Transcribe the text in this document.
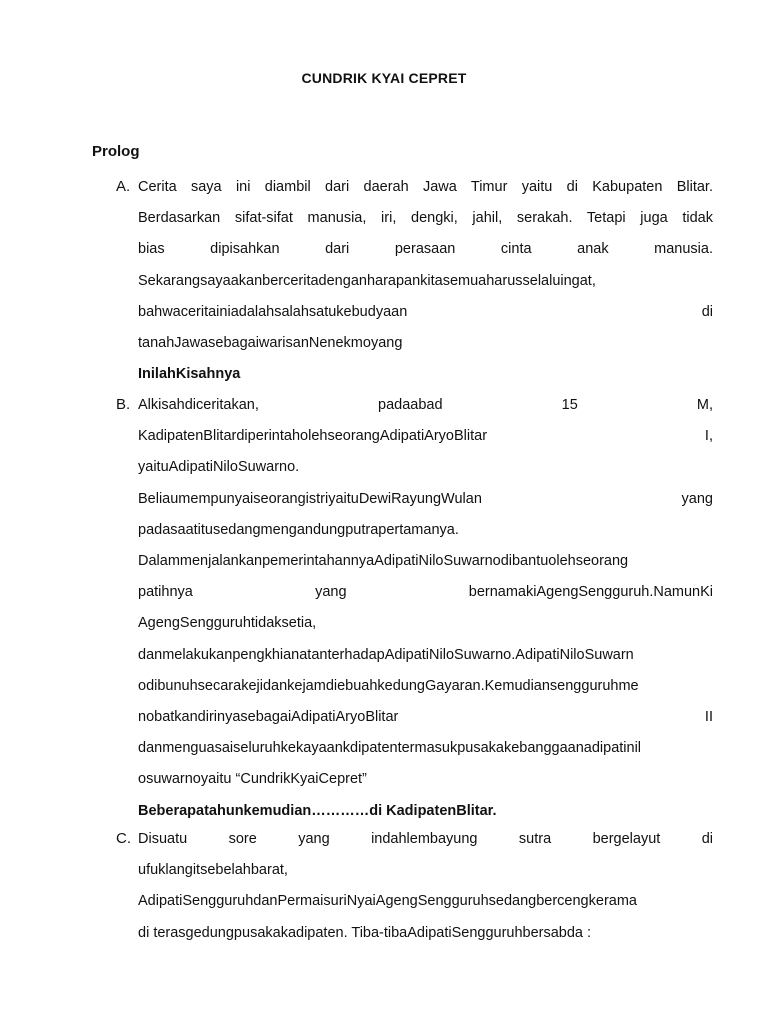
CUNDRIK KYAI CEPRET
Prolog
A. Cerita saya ini diambil dari daerah Jawa Timur yaitu di Kabupaten Blitar.
Berdasarkan sifat-sifat manusia, iri, dengki, jahil, serakah. Tetapi juga tidak
bias dipisahkan dari perasaan cinta anak manusia.
Sekarangsayaakanberceritadenganharapankitasemuaharusselaluingat,
bahwaceritainiadalahsalahsatukebudyaan di
tanahJawasebagaiwarisanNenekmoyang
InilahKisahnya
B. Alkisahdiceritakan, padaabad 15 M,
KadipatenBlitardiperintaholehseorangAdipatiAryoBlitar I,
yaituAdipatiNiloSuwarno.
BeliaumempunyaiseorangistriyaituDewiRayungWulan yang
padasaatitusedangmengandungputrapertamanya.
DalammenjalankanpemerintahannyaAdipatiNiloSuwarnodibantuolehseorang
patihnya yang bernamakiAgengSengguruh.NamunKi
AgengSengguruhtidaksetia,
danmelakukanpengkhianatanterhadapAdipatiNiloSuwarno.AdipatiNiloSuwarn
odibunuhsecarakejidankejamdiebuahkedungGayaran.Kemudiansengguruhme
nobatkandirinyasebagaiAdipatiAryoBlitar II
danmenguasaiseluruhkekayaankdipatentermasukpusakakebanggaanadipatinil
osuwarnoyaitu “CundrikKyaiCepret”
Beberapatahunkemudian…………di KadipatenBlitar.
C. Disuatu sore yang indahlembayung sutra bergelayut di
ufuklangitsebelahbarat,
AdipatiSengguruhdanPermaisuriNyaiAgengSengguruhsedangbercengkerama
di terasgedungpusakakadipaten. Tiba-tibaAdipatiSengguruhbersabda :
